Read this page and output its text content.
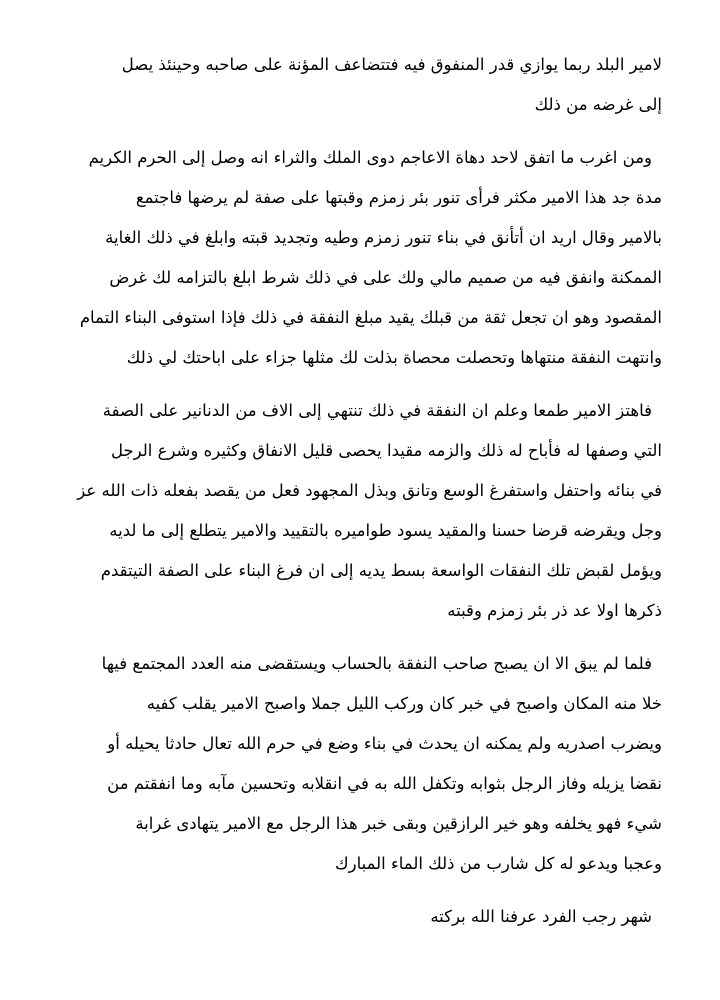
لامير البلد ربما يوازي قدر المنفوق فيه فتتضاعف المؤنة على صاحبه وحينئذ يصل
إلى غرضه من ذلك

ومن اغرب ما اتفق لاحد دهاة الاعاجم دوى الملك والثراء انه وصل إلى الحرم الكريم
مدة جد هذا الامير مكثر فرأى تنور بئر زمزم وقبتها على صفة لم يرضها فاجتمع
بالامير وقال اريد ان أتأنق في بناء تنور زمزم وطيه وتجديد قبته وابلغ في ذلك الغاية
الممكنة وانفق فيه من صميم مالي ولك على في ذلك شرط ابلغ بالتزامه لك غرض
المقصود وهو ان تجعل ثقة من قبلك يقيد مبلغ النفقة في ذلك فإذا استوفى البناء التمام
وانتهت النفقة منتهاها وتحصلت محصاة بذلت لك مثلها جزاء على اباحتك لي ذلك

فاهتز الامير طمعا وعلم ان النفقة في ذلك تنتهي إلى الاف من الدنانير على الصفة
التي وصفها له فأباح له ذلك والزمه مقيدا يحصى قليل الانفاق وكثيره وشرع الرجل
في بنائه واحتفل واستفرغ الوسع وتانق وبذل المجهود فعل من يقصد بفعله ذات الله عز
وجل ويقرضه قرضا حسنا والمقيد يسود طواميره بالتقييد والامير يتطلع إلى ما لديه
ويؤمل لقبض تلك النفقات الواسعة بسط يديه إلى ان فرغ البناء على الصفة التيتقدم
ذكرها اولا عد ذر بئر زمزم وقبته

فلما لم يبق الا ان يصبح صاحب النفقة بالحساب ويستقضى منه العدد المجتمع فيها
خلا منه المكان واصبح في خبر كان وركب الليل جملا واصبح الامير يقلب كفيه
ويضرب اصدريه ولم يمكنه ان يحدث في بناء وضع في حرم الله تعال حادثا يحيله أو
نقضا يزيله وفاز الرجل بثوابه وتكفل الله به في انقلابه وتحسين مآبه وما انفقتم من
شيء فهو يخلفه وهو خير الرازقين وبقى خبر هذا الرجل مع الامير يتهادى غرابة
وعجبا ويدعو له كل شارب من ذلك الماء المبارك

شهر رجب الفرد عرفنا الله بركته
